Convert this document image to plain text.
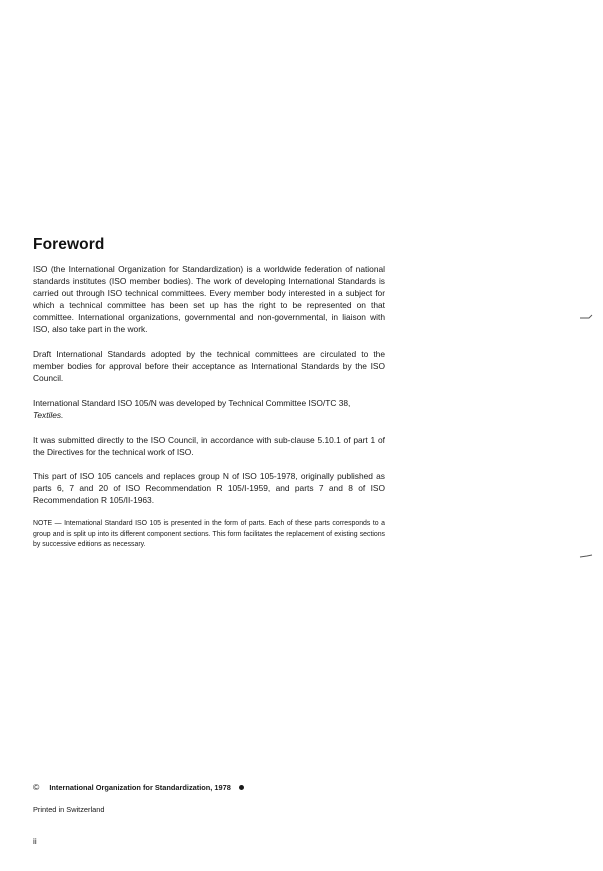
Foreword

ISO (the International Organization for Standardization) is a worldwide federation of national standards institutes (ISO member bodies). The work of developing International Standards is carried out through ISO technical committees. Every member body interested in a subject for which a technical committee has been set up has the right to be represented on that committee. International organizations, governmental and non-governmental, in liaison with ISO, also take part in the work.

Draft International Standards adopted by the technical committees are circulated to the member bodies for approval before their acceptance as International Standards by the ISO Council.

International Standard ISO 105/N was developed by Technical Committee ISO/TC 38,
Textiles.

It was submitted directly to the ISO Council, in accordance with sub-clause 5.10.1 of part 1 of the Directives for the technical work of ISO.

This part of ISO 105 cancels and replaces group N of ISO 105-1978, originally published as parts 6, 7 and 20 of ISO Recommendation R 105/I-1959, and parts 7 and 8 of ISO Recommendation R 105/II-1963.

NOTE — International Standard ISO 105 is presented in the form of parts. Each of these parts corresponds to a group and is split up into its different component sections. This form facilitates the replacement of existing sections by successive editions as necessary.

© International Organization for Standardization, 1978
Printed in Switzerland
ii
